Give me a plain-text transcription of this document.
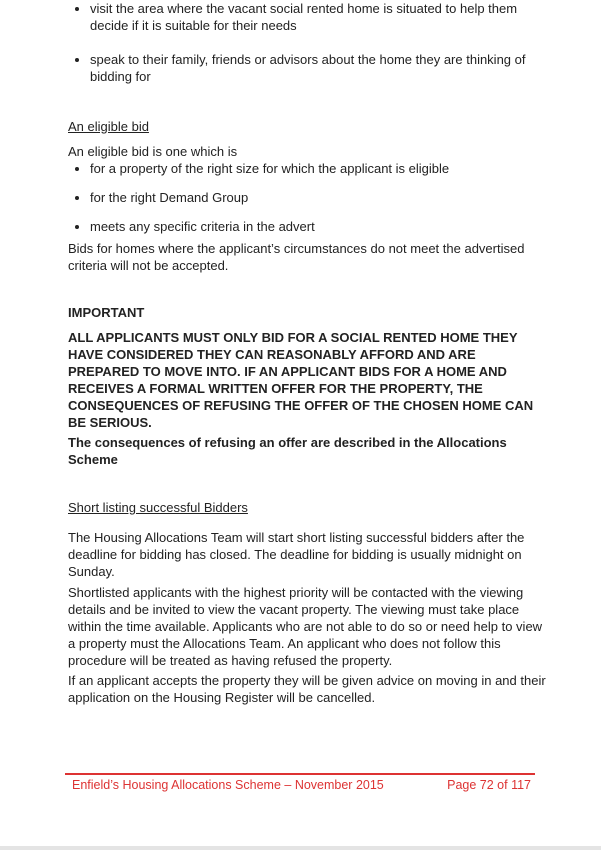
• visit the area where the vacant social rented home is situated to help them decide if it is suitable for their needs
• speak to their family, friends or advisors about the home they are thinking of bidding for

An eligible bid

An eligible bid is one which is

• for a property of the right size for which the applicant is eligible
• for the right Demand Group
• meets any specific criteria in the advert

Bids for homes where the applicant’s circumstances do not meet the advertised criteria will not be accepted.

IMPORTANT

ALL APPLICANTS MUST ONLY BID FOR A SOCIAL RENTED HOME THEY HAVE CONSIDERED THEY CAN REASONABLY AFFORD AND ARE PREPARED TO MOVE INTO. IF AN APPLICANT BIDS FOR A HOME AND RECEIVES A FORMAL WRITTEN OFFER FOR THE PROPERTY, THE CONSEQUENCES OF REFUSING THE OFFER OF THE CHOSEN HOME CAN BE SERIOUS.

The consequences of refusing an offer are described in the Allocations Scheme

Short listing successful Bidders

The Housing Allocations Team will start short listing successful bidders after the deadline for bidding has closed. The deadline for bidding is usually midnight on Sunday.

Shortlisted applicants with the highest priority will be contacted with the viewing details and be invited to view the vacant property. The viewing must take place within the time available. Applicants who are not able to do so or need help to view a property must the Allocations Team. An applicant who does not follow this procedure will be treated as having refused the property.

If an applicant accepts the property they will be given advice on moving in and their application on the Housing Register will be cancelled.

Enfield’s Housing Allocations Scheme – November 2015	Page 72 of 117
